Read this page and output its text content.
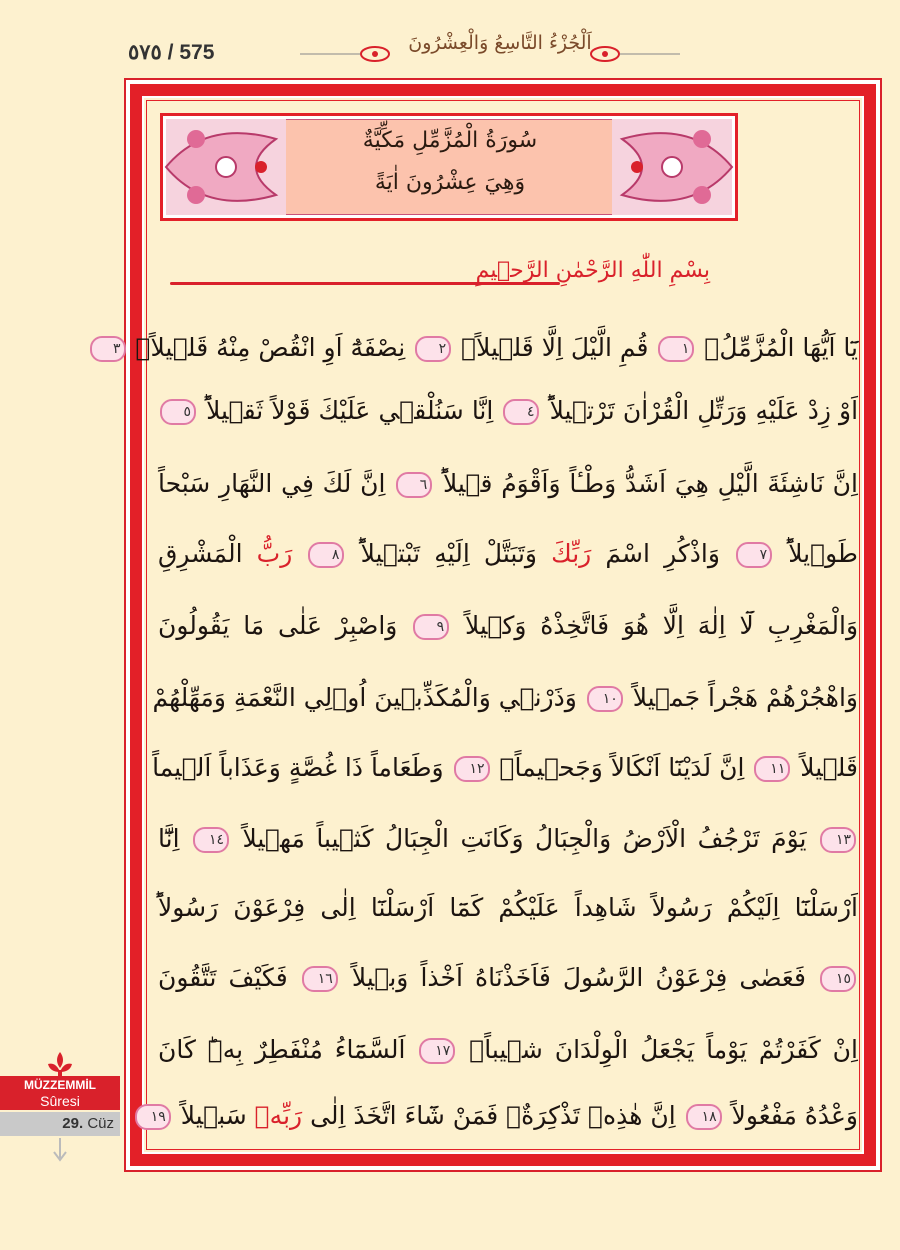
٥٧٥ / 575	اَلْجُزْءُ التَّاسِعُ وَالْعِشْرُونَ
سُورَةُ الْمُزَّمِّلِ مَكِّيَّةٌ
وَهِيَ عِشْرُونَ اٰيَةً
بِسْمِ اللّٰهِ الرَّحْمٰنِ الرَّح۪يمِ
يَٓا اَيُّهَا الْمُزَّمِّلُۙ ۱ قُمِ الَّيْلَ اِلَّا قَل۪يلاًۙ ۲ نِصْفَهُٓ اَوِ انْقُصْ مِنْهُ قَل۪يلاًۙ ۳
اَوْ زِدْ عَلَيْهِ وَرَتِّلِ الْقُرْاٰنَ تَرْت۪يلاًؕ ٤ اِنَّا سَنُلْق۪ي عَلَيْكَ قَوْلاً ثَق۪يلاًؕ ٥
اِنَّ نَاشِئَةَ الَّيْلِ هِيَ اَشَدُّ وَطْـٔاً وَاَقْوَمُ ق۪يلاًؕ ٦ اِنَّ لَكَ فِي النَّهَارِ سَبْحاً
طَو۪يلاًؕ ٧ وَاذْكُرِ اسْمَ رَبِّكَ وَتَبَتَّلْ اِلَيْهِ تَبْت۪يلاًؕ ٨ رَبُّ الْمَشْرِقِ
وَالْمَغْرِبِ لَٓا اِلٰهَ اِلَّا هُوَ فَاتَّخِذْهُ وَك۪يلاً ٩ وَاصْبِرْ عَلٰى مَا يَقُولُونَ
وَاهْجُرْهُمْ هَجْراً جَم۪يلاً ۱۰ وَذَرْن۪ي وَالْمُكَذِّب۪ينَ اُو۬لِي النَّعْمَةِ وَمَهِّلْهُمْ
قَل۪يلاً ۱۱ اِنَّ لَدَيْنَٓا اَنْكَالاً وَجَح۪يماًۙ ۱۲ وَطَعَاماً ذَا غُصَّةٍ وَعَذَاباً اَل۪يماً
۱۳ يَوْمَ تَرْجُفُ الْاَرْضُ وَالْجِبَالُ وَكَانَتِ الْجِبَالُ كَث۪يباً مَه۪يلاً ۱٤ اِنَّٓا
اَرْسَلْنَٓا اِلَيْكُمْ رَسُولاً شَاهِداً عَلَيْكُمْ كَمَٓا اَرْسَلْنَٓا اِلٰى فِرْعَوْنَ رَسُولاًؕ
۱٥ فَعَصٰى فِرْعَوْنُ الرَّسُولَ فَاَخَذْنَاهُ اَخْذاً وَب۪يلاً ۱٦ فَكَيْفَ تَتَّقُونَ
اِنْ كَفَرْتُمْ يَوْماً يَجْعَلُ الْوِلْدَانَ ش۪يباًۗ ۱۷ اَلسَّمَٓاءُ مُنْفَطِرٌ بِه۪ؕ كَانَ
وَعْدُهُ مَفْعُولاً ۱۸ اِنَّ هٰذِه۪ تَذْكِرَةٌۚ فَمَنْ شَٓاءَ اتَّخَذَ اِلٰى رَبِّه۪ سَب۪يلاً ۱۹
MÜZZEMMİL
Sûresi
29. Cüz
